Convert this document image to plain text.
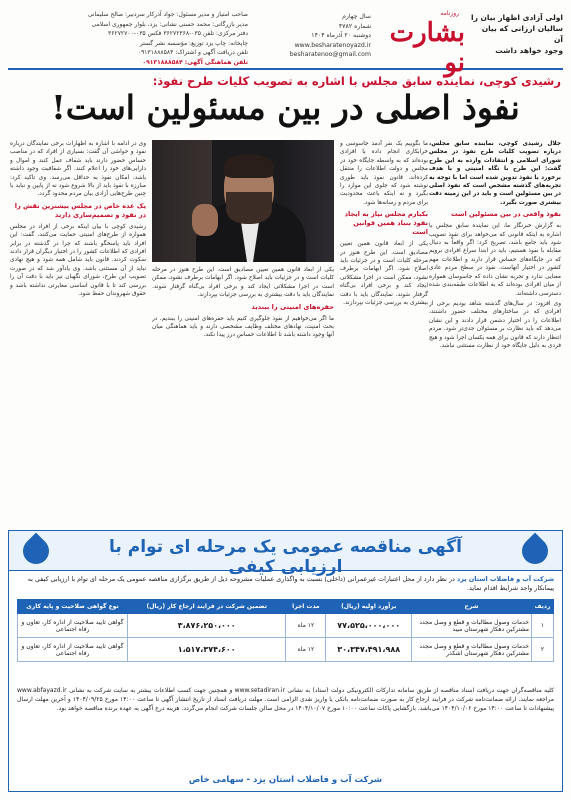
اولی آزادی اظهار بیان را
سالیان ارزانی که بیان آن
وجود خواهد داشت
روزنامه
بشارت نو
سال چهارم
شماره ۴۷۸۲
دوشنبه ۲۰ آذرماه ۱۴۰۴
www.besharatenoyazd.ir
besharatenoo@gmail.com
صاحب امتیاز و مدیر مسئول: جواد آذرکار سردبیر: صالح سلیمانی
مدیر بازرگانی: محمد حسنی نشانی: یزد، بلوار جمهوری اسلامی
دفتر مرکزی: تلفن ۰۳۵-۳۶۲۷۲۳۶۸ فکس ۰۳۵-۳۶۲۷۲۷۰۰
چاپخانه: چاپ یزد توزیع: مؤسسه نشر گستر
تلفن دریافت آگهی و اشتراک: ۰۹۱۳۱۸۸۸۵۸۴
تلفن هماهنگی آگهی: ۰۹۱۳۱۸۸۸۵۸۴
رشیدی کوچی، نماینده سابق مجلس با اشاره به تصویب کلیات طرح نفوذ:
نفوذ اصلی در بین مسئولین است!

جلال رشیدی کوچی، نماینده سابق مجلس، درباره تصویب کلیات طرح نفوذ در مجلس شورای اسلامی و انتقادات وارده به این طرح گفت: این طرح با نگاه امنیتی و با هدف برخورد با نفوذ تدوین شده است اما با توجه به تجربه‌های گذشته مشخص است که نفوذ اصلی در بین مسئولین است و باید در این زمینه دقت بیشتری صورت بگیرد.

نفوذ واقعی در بین مسئولین است

به گزارش خبرنگار ما، این نماینده سابق مجلس با اشاره به اینکه قانونی که می‌خواهد برای نفوذ تصویب شود باید جامع باشد، تصریح کرد: اگر واقعاً به دنبال مقابله با نفوذ هستیم، باید در ابتدا سراغ افرادی برویم که در جایگاه‌های حساس قرار دارند و اطلاعات مهم کشور در اختیار آنهاست. نفوذ در سطح مردم عادی معنایی ندارد و تجربه نشان داده که جاسوسان همواره از میان افرادی بوده‌اند که به اطلاعات طبقه‌بندی شده دسترسی داشته‌اند.

وی افزود: در سال‌های گذشته شاهد بودیم برخی از افرادی که در ساختارهای مختلف حضور داشتند، اطلاعات را در اختیار دشمن قرار دادند و این نشان می‌دهد که باید نظارت بر مسئولان جدی‌تر شود. مردم انتظار دارند که قانون برای همه یکسان اجرا شود و هیچ فردی به دلیل جایگاه خود از نظارت مستثنی نباشد.

ما بگوییم یک نفر آدمد جاسوسی و خرابکاری انجام داده یا افرادی بوده‌اند که به واسطه جایگاه خود در مجلس و دولت اطلاعات را منتقل کرده‌اند. قانون نفوذ باید طوری نوشته شود که جلوی این موارد را بگیرد و نه اینکه باعث محدودیت برای مردم و رسانه‌ها شود.

بکبارم مجلس نیاز به ایجاد نفوذ بنیاد همین قوانین است

یکی از ابعاد قانون همین تعیین مصادیق است. این طرح هنوز در مرحله کلیات است و در جزئیات باید اصلاح شود. اگر ابهامات برطرف نشود، ممکن است در اجرا مشکلاتی ایجاد کند و برخی افراد بی‌گناه گرفتار شوند. نمایندگان باید با دقت بیشتری به بررسی جزئیات بپردازند.

یکی از ابعاد قانون همین تعیین مصادیق است. این طرح هنوز در مرحله کلیات است و در جزئیات باید اصلاح شود. اگر ابهامات برطرف نشود، ممکن است در اجرا مشکلاتی ایجاد کند و برخی افراد بی‌گناه گرفتار شوند. نمایندگان باید با دقت بیشتری به بررسی جزئیات بپردازند.

حفره‌های امنیتی را ببندید

ما اگر می‌خواهیم از نفوذ جلوگیری کنیم باید حفره‌های امنیتی را ببندیم. در بحث امنیت، نهادهای مختلف وظایف مشخصی دارند و باید هماهنگی میان آنها وجود داشته باشد تا اطلاعات حساس درز پیدا نکند.

وی در ادامه با اشاره به اظهارات برخی نمایندگان درباره نفوذ و حواشی آن گفت: بسیاری از افراد که در مناصب حساس حضور دارند باید شفاف عمل کنند و اموال و دارایی‌های خود را اعلام کنند. اگر شفافیت وجود داشته باشد، امکان نفوذ به حداقل می‌رسد. وی تاکید کرد: مبارزه با نفوذ باید از بالا شروع شود نه از پایین و نباید با چنین طرح‌هایی آزادی بیان مردم محدود گردد.

یک عده خاص در مجلس بیشترین نقش را در نفوذ و تصمیم‌سازی دارند

رشیدی کوچی با بیان اینکه برخی از افراد در مجلس همواره از طرح‌های امنیتی حمایت می‌کنند، گفت: این افراد باید پاسخگو باشند که چرا در گذشته در برابر افرادی که اطلاعات کشور را در اختیار دیگران قرار دادند سکوت کردند. قانون باید شامل همه شود و هیچ نهادی نباید از آن مستثنی باشد. وی یادآور شد که در صورت تصویب این طرح، شورای نگهبان نیز باید با دقت آن را بررسی کند تا با قانون اساسی مغایرتی نداشته باشد و حقوق شهروندان حفظ شود.

آگهی مناقصه عمومی یک مرحله ای توام با ارزیابی کیفی
شرکت آب و فاضلاب استان یزد در نظر دارد از محل اعتبارات غیرعمرانی (داخلی) نسبت به واگذاری عملیات مشروحه ذیل از طریق برگزاری مناقصه عمومی یک مرحله ای توام با ارزیابی کیفی به پیمانکار واجد شرایط اقدام نماید.
ردیف	شرح	برآورد اولیه (ریال)	مدت اجرا	تضمین شرکت در فرایند ارجاع کار (ریال)	نوع گواهی صلاحیت و پایه کاری
۱	خدمات وصول مطالبات و قطع و وصل مجدد مشترکین دهکار شهرستان میبد	۷۷،۵۲۵،۰۰۰،۰۰۰	۱۲ ماه	۳،۸۷۶،۲۵۰،۰۰۰	گواهی تایید صلاحیت از اداره کار، تعاون و رفاه اجتماعی
۲	خدمات وصول مطالبات و قطع و وصل مجدد مشترکین دهکار شهرستان اشکذر	۳۰،۳۴۷،۴۹۱،۹۸۸	۱۲ ماه	۱،۵۱۷،۳۷۴،۶۰۰	گواهی تایید صلاحیت از اداره کار، تعاون و رفاه اجتماعی
کلیه مناقصه‌گران جهت دریافت اسناد مناقصه از طریق سامانه تدارکات الکترونیکی دولت (ستاد) به نشانی www.setadiran.ir و همچنین جهت کسب اطلاعات بیشتر به سایت شرکت به نشانی www.abfayazd.ir مراجعه نمایند. ارائه ضمانت‌نامه شرکت در فرایند ارجاع کار به صورت ضمانت‌نامه بانکی یا واریز نقدی الزامی است. مهلت دریافت اسناد از تاریخ انتشار آگهی تا ساعت ۱۴:۰۰ مورخ ۱۴۰۴/۰۹/۲۵ و آخرین مهلت ارسال پیشنهادات تا ساعت ۱۴:۰۰ مورخ ۱۴۰۴/۱۰/۰۶ می‌باشد. بازگشایی پاکات ساعت ۱۰:۰۰ مورخ ۱۴۰۴/۱۰/۰۷ در محل سالن جلسات شرکت انجام می‌گردد. هزینه درج آگهی به عهده برنده مناقصه خواهد بود.
شرکت آب و فاضلاب استان یزد - سهامی خاص
